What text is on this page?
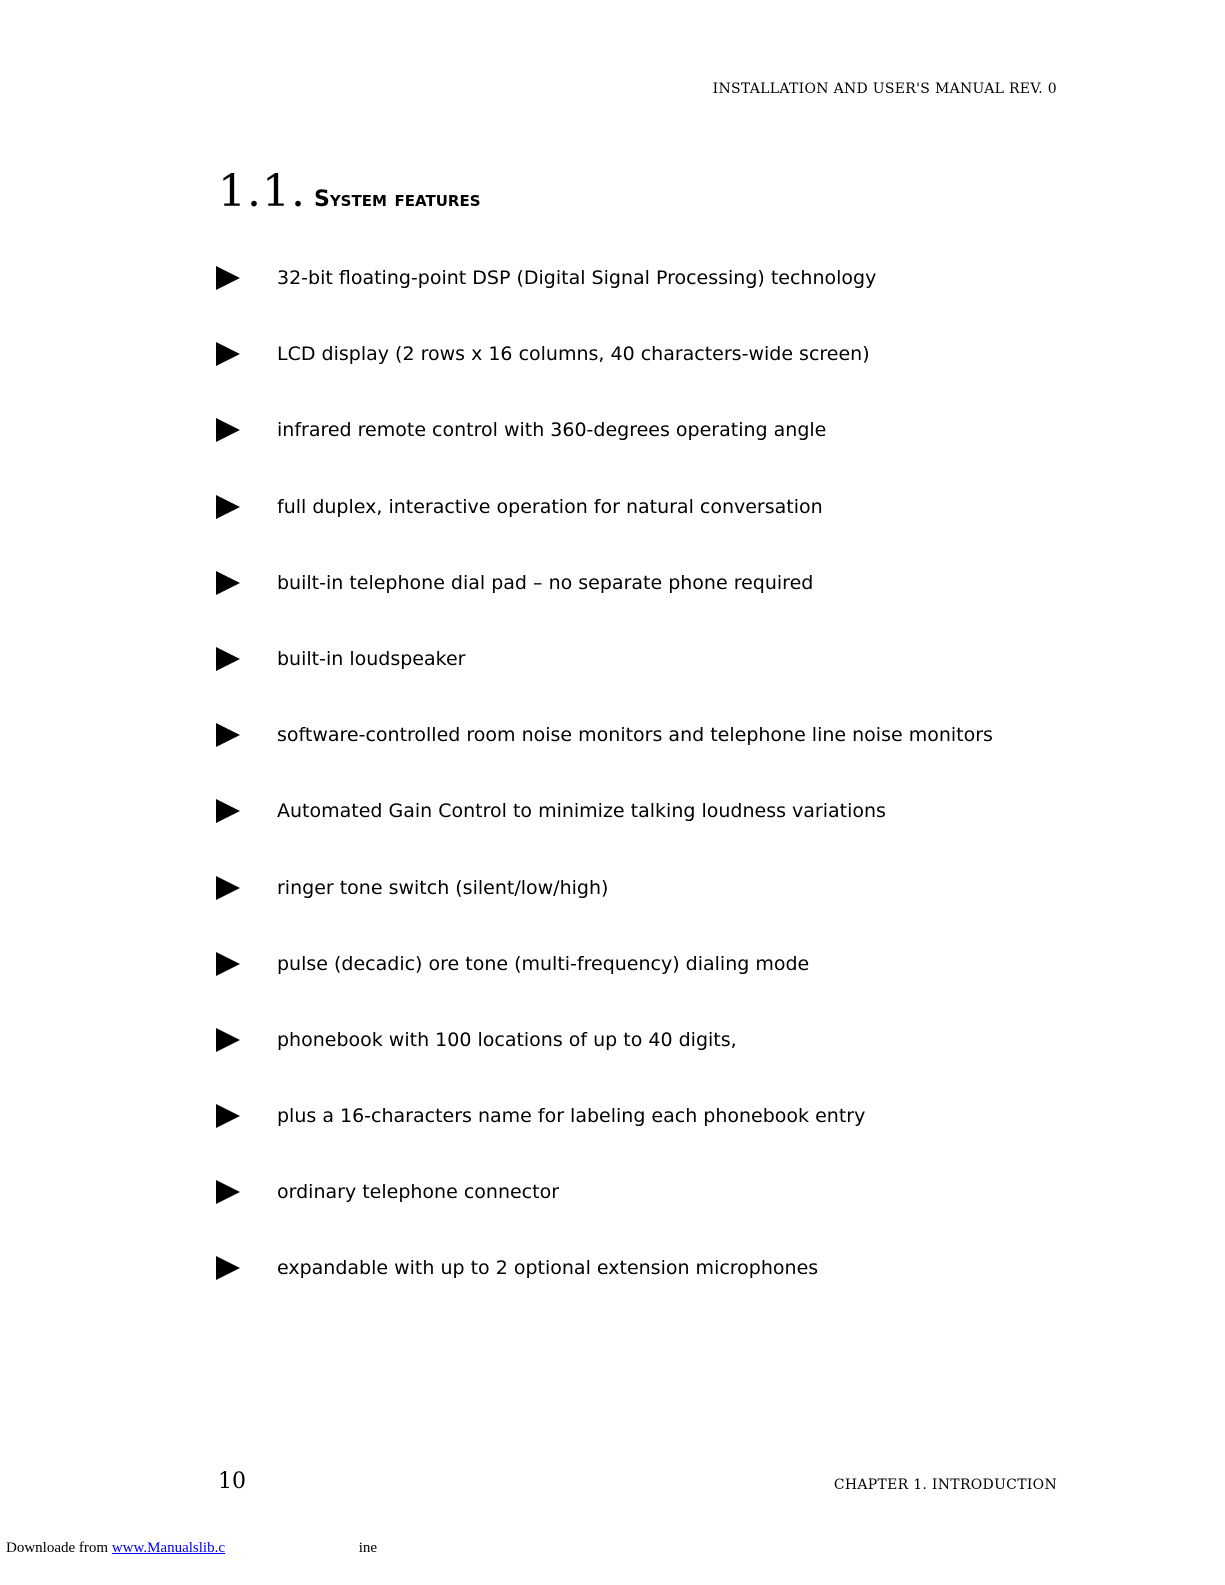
INSTALLATION AND USER'S MANUAL REV. 0
1.1. System features
32-bit floating-point DSP (Digital Signal Processing) technology
LCD display (2 rows x 16 columns, 40 characters-wide screen)
infrared remote control with 360-degrees operating angle
full duplex, interactive operation for natural conversation
built-in telephone dial pad – no separate phone required
built-in loudspeaker
software-controlled room noise monitors and telephone line noise monitors
Automated Gain Control to minimize talking loudness variations
ringer tone switch (silent/low/high)
pulse (decadic) ore tone (multi-frequency) dialing mode
phonebook with 100 locations of up to 40 digits,
plus a 16-characters name for labeling each phonebook entry
ordinary telephone connector
expandable with up to 2 optional extension microphones
10	CHAPTER 1. INTRODUCTION
Downloade from www.Manualslib.c	ine
